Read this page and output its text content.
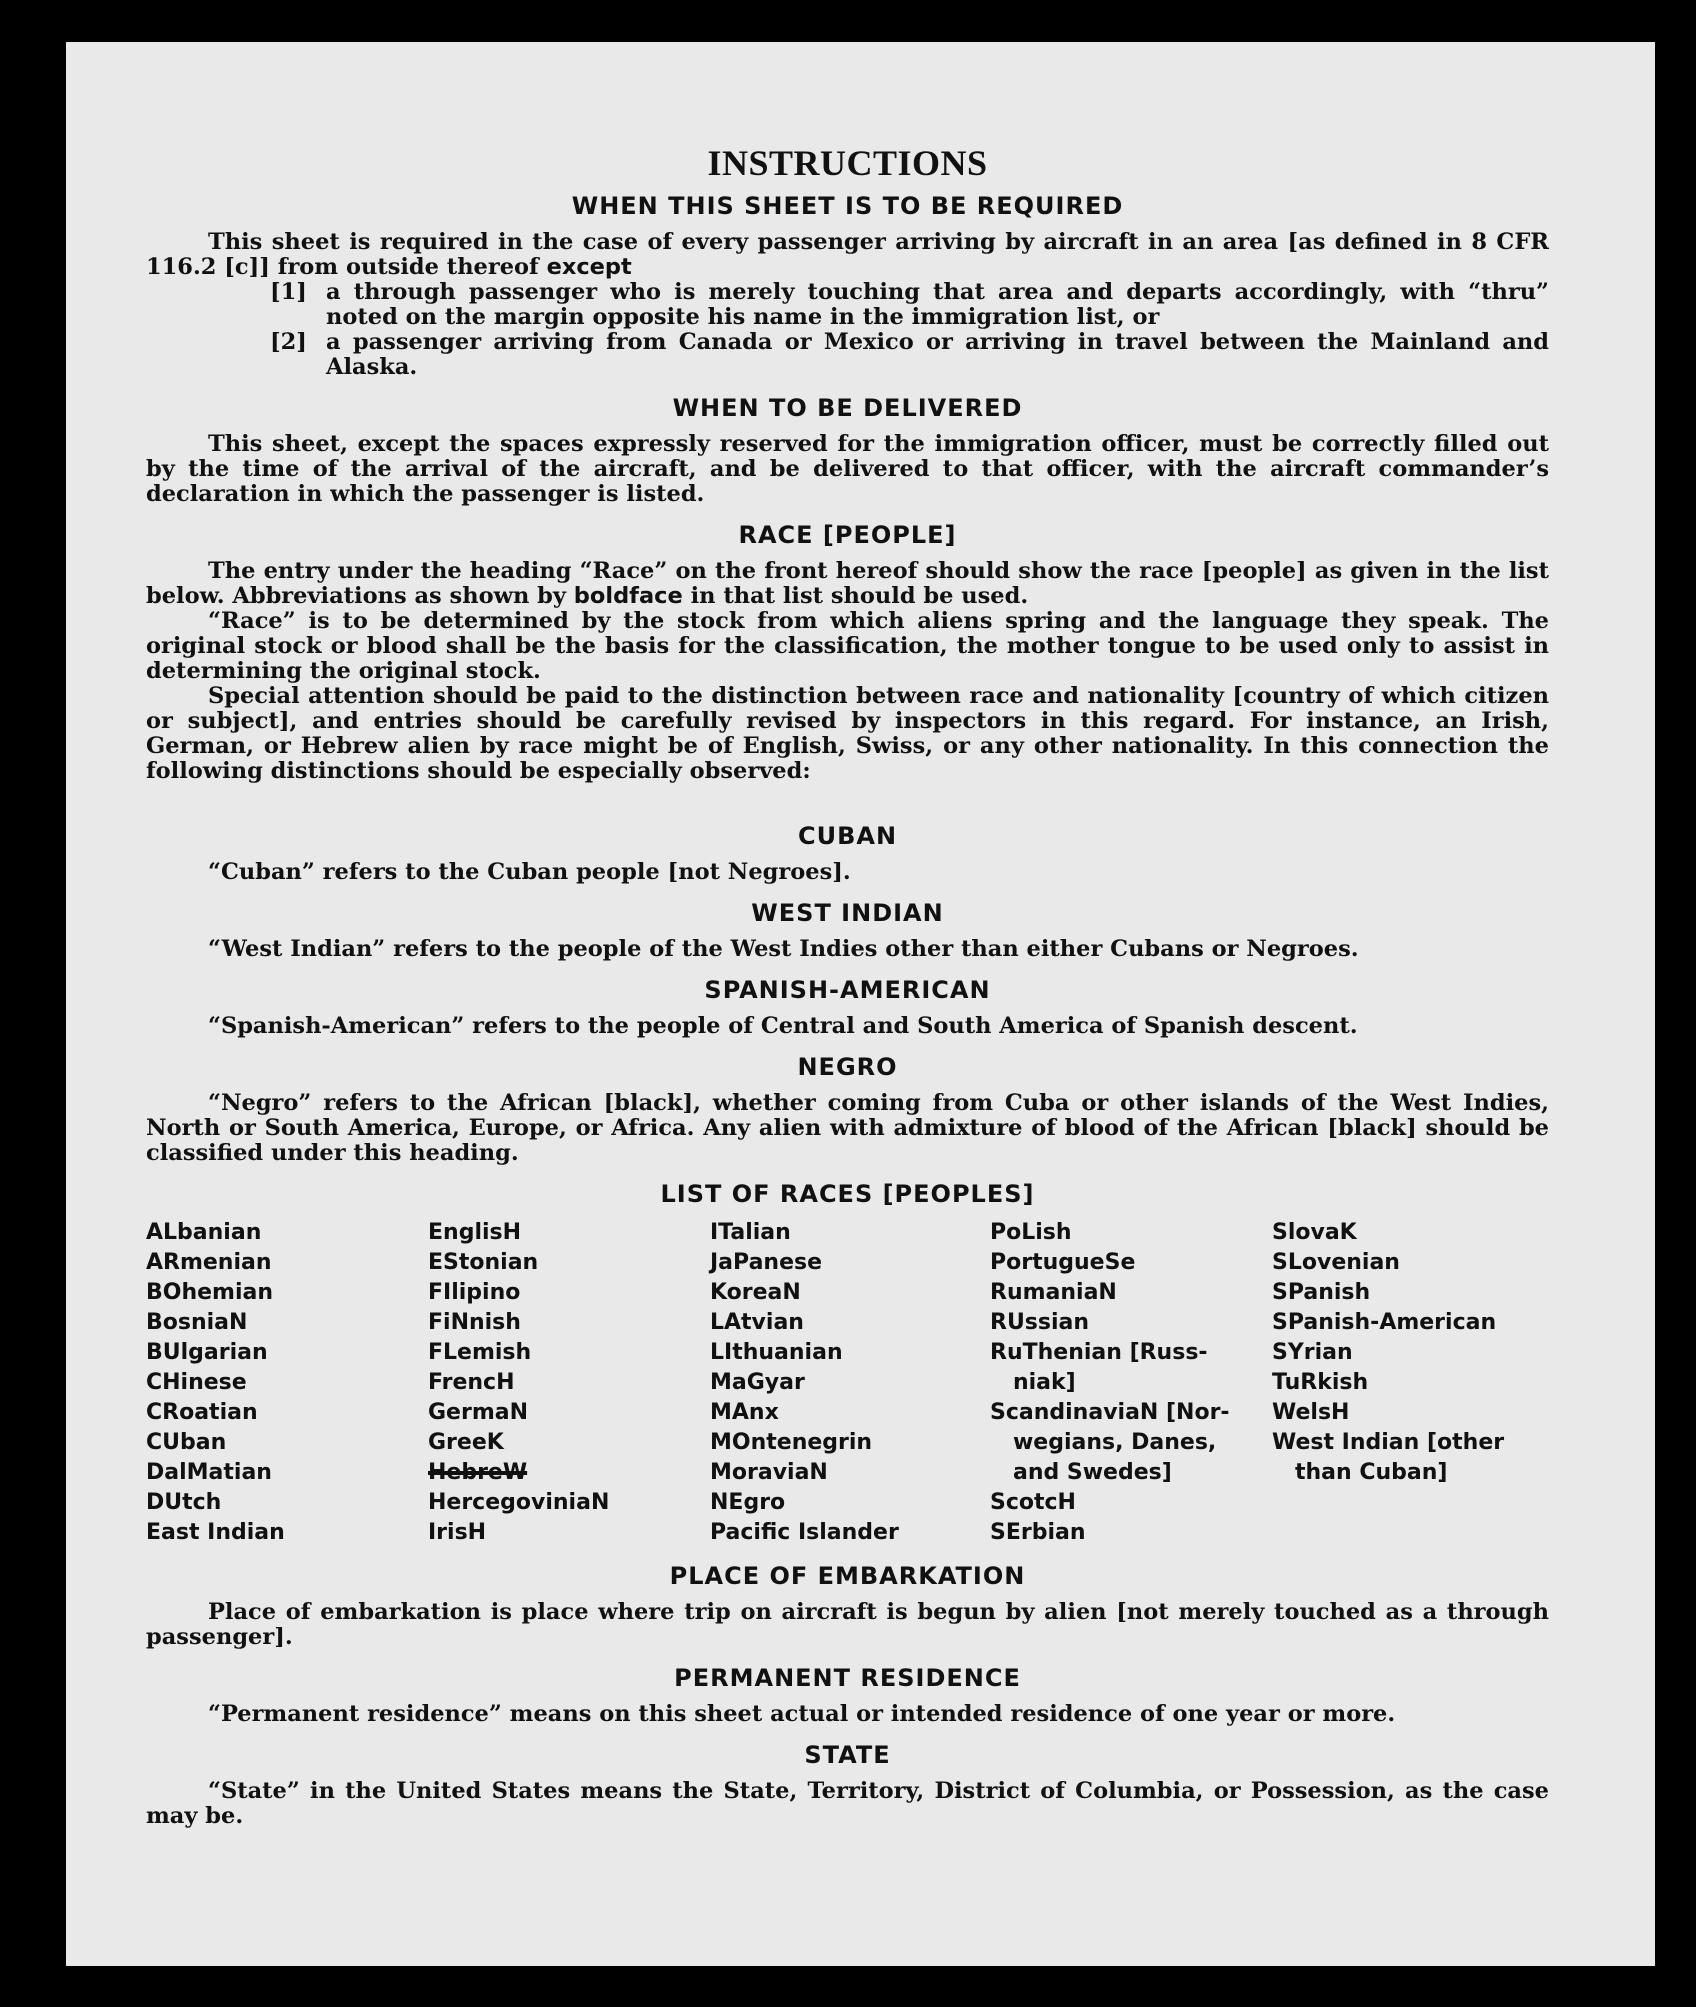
INSTRUCTIONS
WHEN THIS SHEET IS TO BE REQUIRED

This sheet is required in the case of every passenger arriving by aircraft in an area [as defined in 8 CFR 116.2 [c]] from outside thereof except

[1] a through passenger who is merely touching that area and departs accordingly, with “thru” noted on the margin opposite his name in the immigration list, or
[2] a passenger arriving from Canada or Mexico or arriving in travel between the Mainland and Alaska.
WHEN TO BE DELIVERED

This sheet, except the spaces expressly reserved for the immigration officer, must be correctly filled out by the time of the arrival of the aircraft, and be delivered to that officer, with the aircraft commander’s declaration in which the passenger is listed.

RACE [PEOPLE]

The entry under the heading “Race” on the front hereof should show the race [people] as given in the list below. Abbreviations as shown by boldface in that list should be used.

“Race” is to be determined by the stock from which aliens spring and the language they speak. The original stock or blood shall be the basis for the classification, the mother tongue to be used only to assist in determining the original stock.

Special attention should be paid to the distinction between race and nationality [country of which citizen or subject], and entries should be carefully revised by inspectors in this regard. For instance, an Irish, German, or Hebrew alien by race might be of English, Swiss, or any other nationality. In this connection the following distinctions should be especially observed:

CUBAN

“Cuban” refers to the Cuban people [not Negroes].

WEST INDIAN

“West Indian” refers to the people of the West Indies other than either Cubans or Negroes.

SPANISH-AMERICAN

“Spanish-American” refers to the people of Central and South America of Spanish descent.

NEGRO

“Negro” refers to the African [black], whether coming from Cuba or other islands of the West Indies, North or South America, Europe, or Africa. Any alien with admixture of blood of the African [black] should be classified under this heading.

LIST OF RACES [PEOPLES]
ALbanian
ARmenian
BOhemian
BosniaN
BUlgarian
CHinese
CRoatian
CUban
DalMatian
DUtch
East Indian
EnglisH
EStonian
FIlipino
FiNnish
FLemish
FrencH
GermaN
GreeK
HebreW
HercegoviniaN
IrisH
ITalian
JaPanese
KoreaN
LAtvian
LIthuanian
MaGyar
MAnx
MOntenegrin
MoraviaN
NEgro
Pacific Islander
PoLish
PortugueSe
RumaniaN
RUssian
RuThenian [Russ-
niak]
ScandinaviaN [Nor-
wegians, Danes,
and Swedes]
ScotcH
SErbian
SlovaK
SLovenian
SPanish
SPanish-American
SYrian
TuRkish
WelsH
West Indian [other
than Cuban]
PLACE OF EMBARKATION

Place of embarkation is place where trip on aircraft is begun by alien [not merely touched as a through passenger].

PERMANENT RESIDENCE

“Permanent residence” means on this sheet actual or intended residence of one year or more.

STATE

“State” in the United States means the State, Territory, District of Columbia, or Possession, as the case may be.
